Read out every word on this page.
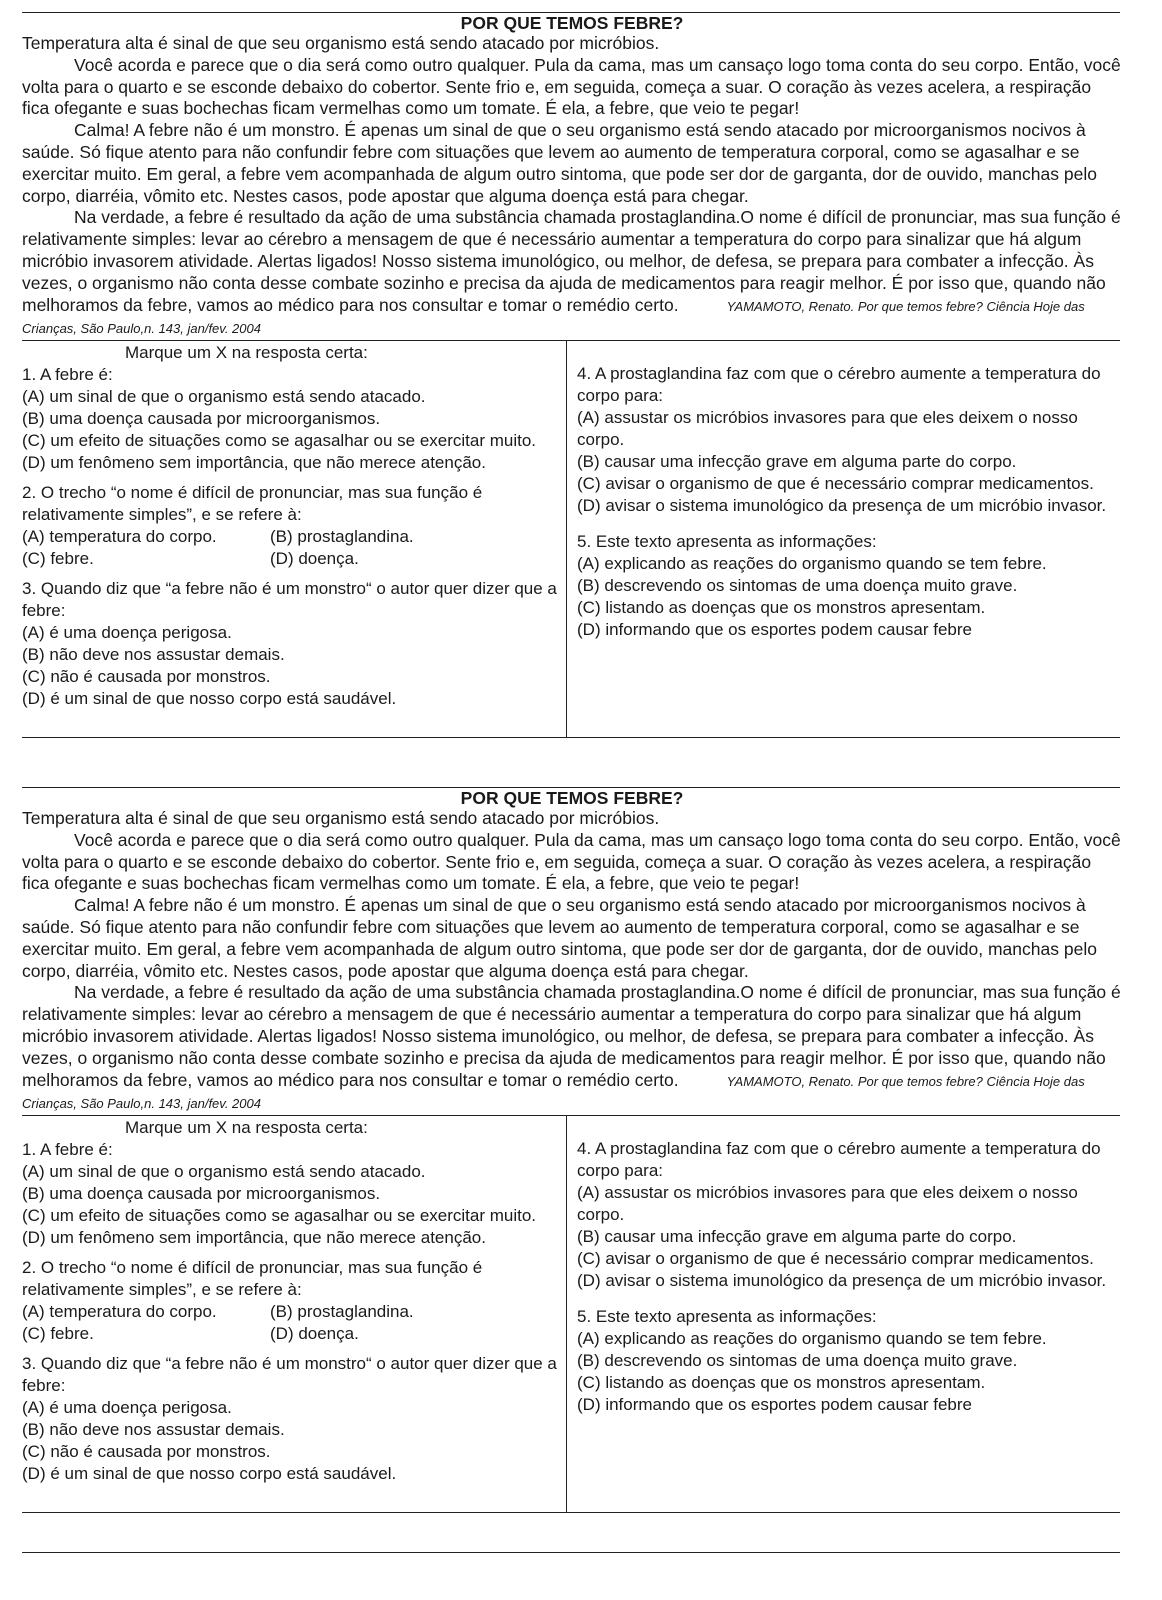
POR QUE TEMOS FEBRE?

Temperatura alta é sinal de que seu organismo está sendo atacado por micróbios.

Você acorda e parece que o dia será como outro qualquer. Pula da cama, mas um cansaço logo toma conta do seu corpo. Então, você volta para o quarto e se esconde debaixo do cobertor. Sente frio e, em seguida, começa a suar. O coração às vezes acelera, a respiração fica ofegante e suas bochechas ficam vermelhas como um tomate. É ela, a febre, que veio te pegar!

Calma! A febre não é um monstro. É apenas um sinal de que o seu organismo está sendo atacado por microorganismos nocivos à saúde. Só fique atento para não confundir febre com situações que levem ao aumento de temperatura corporal, como se agasalhar e se exercitar muito. Em geral, a febre vem acompanhada de algum outro sintoma, que pode ser dor de garganta, dor de ouvido, manchas pelo corpo, diarréia, vômito etc. Nestes casos, pode apostar que alguma doença está para chegar.

Na verdade, a febre é resultado da ação de uma substância chamada prostaglandina.O nome é difícil de pronunciar, mas sua função é relativamente simples: levar ao cérebro a mensagem de que é necessário aumentar a temperatura do corpo para sinalizar que há algum micróbio invasorem atividade. Alertas ligados! Nosso sistema imunológico, ou melhor, de defesa, se prepara para combater a infecção. Às vezes, o organismo não conta desse combate sozinho e precisa da ajuda de medicamentos para reagir melhor. É por isso que, quando não melhoramos da febre, vamos ao médico para nos consultar e tomar o remédio certo.	YAMAMOTO, Renato. Por que temos febre? Ciência Hoje das Crianças, São Paulo,n. 143, jan/fev. 2004

Marque um X na resposta certa:

1. A febre é:

(A) um sinal de que o organismo está sendo atacado.

(B) uma doença causada por microorganismos.

(C) um efeito de situações como se agasalhar ou se exercitar muito.

(D) um fenômeno sem importância, que não merece atenção.

2. O trecho “o nome é difícil de pronunciar, mas sua função é relativamente simples”, e se refere à:

(A) temperatura do corpo.	(B) prostaglandina.

(C) febre.	(D) doença.

3. Quando diz que “a febre não é um monstro“ o autor quer dizer que a febre:

(A) é uma doença perigosa.

(B) não deve nos assustar demais.

(C) não é causada por monstros.

(D) é um sinal de que nosso corpo está saudável.

4. A prostaglandina faz com que o cérebro aumente a temperatura do corpo para:

(A) assustar os micróbios invasores para que eles deixem o nosso corpo.

(B) causar uma infecção grave em alguma parte do corpo.

(C) avisar o organismo de que é necessário comprar medicamentos.

(D) avisar o sistema imunológico da presença de um micróbio invasor.

5. Este texto apresenta as informações:

(A) explicando as reações do organismo quando se tem febre.

(B) descrevendo os sintomas de uma doença muito grave.

(C) listando as doenças que os monstros apresentam.

(D) informando que os esportes podem causar febre

POR QUE TEMOS FEBRE?

Temperatura alta é sinal de que seu organismo está sendo atacado por micróbios.

Você acorda e parece que o dia será como outro qualquer. Pula da cama, mas um cansaço logo toma conta do seu corpo. Então, você volta para o quarto e se esconde debaixo do cobertor. Sente frio e, em seguida, começa a suar. O coração às vezes acelera, a respiração fica ofegante e suas bochechas ficam vermelhas como um tomate. É ela, a febre, que veio te pegar!

Calma! A febre não é um monstro. É apenas um sinal de que o seu organismo está sendo atacado por microorganismos nocivos à saúde. Só fique atento para não confundir febre com situações que levem ao aumento de temperatura corporal, como se agasalhar e se exercitar muito. Em geral, a febre vem acompanhada de algum outro sintoma, que pode ser dor de garganta, dor de ouvido, manchas pelo corpo, diarréia, vômito etc. Nestes casos, pode apostar que alguma doença está para chegar.

Na verdade, a febre é resultado da ação de uma substância chamada prostaglandina.O nome é difícil de pronunciar, mas sua função é relativamente simples: levar ao cérebro a mensagem de que é necessário aumentar a temperatura do corpo para sinalizar que há algum micróbio invasorem atividade. Alertas ligados! Nosso sistema imunológico, ou melhor, de defesa, se prepara para combater a infecção. Às vezes, o organismo não conta desse combate sozinho e precisa da ajuda de medicamentos para reagir melhor. É por isso que, quando não melhoramos da febre, vamos ao médico para nos consultar e tomar o remédio certo.	YAMAMOTO, Renato. Por que temos febre? Ciência Hoje das Crianças, São Paulo,n. 143, jan/fev. 2004

Marque um X na resposta certa:

1. A febre é:

(A) um sinal de que o organismo está sendo atacado.

(B) uma doença causada por microorganismos.

(C) um efeito de situações como se agasalhar ou se exercitar muito.

(D) um fenômeno sem importância, que não merece atenção.

2. O trecho “o nome é difícil de pronunciar, mas sua função é relativamente simples”, e se refere à:

(A) temperatura do corpo.	(B) prostaglandina.

(C) febre.	(D) doença.

3. Quando diz que “a febre não é um monstro“ o autor quer dizer que a febre:

(A) é uma doença perigosa.

(B) não deve nos assustar demais.

(C) não é causada por monstros.

(D) é um sinal de que nosso corpo está saudável.

4. A prostaglandina faz com que o cérebro aumente a temperatura do corpo para:

(A) assustar os micróbios invasores para que eles deixem o nosso corpo.

(B) causar uma infecção grave em alguma parte do corpo.

(C) avisar o organismo de que é necessário comprar medicamentos.

(D) avisar o sistema imunológico da presença de um micróbio invasor.

5. Este texto apresenta as informações:

(A) explicando as reações do organismo quando se tem febre.

(B) descrevendo os sintomas de uma doença muito grave.

(C) listando as doenças que os monstros apresentam.

(D) informando que os esportes podem causar febre
